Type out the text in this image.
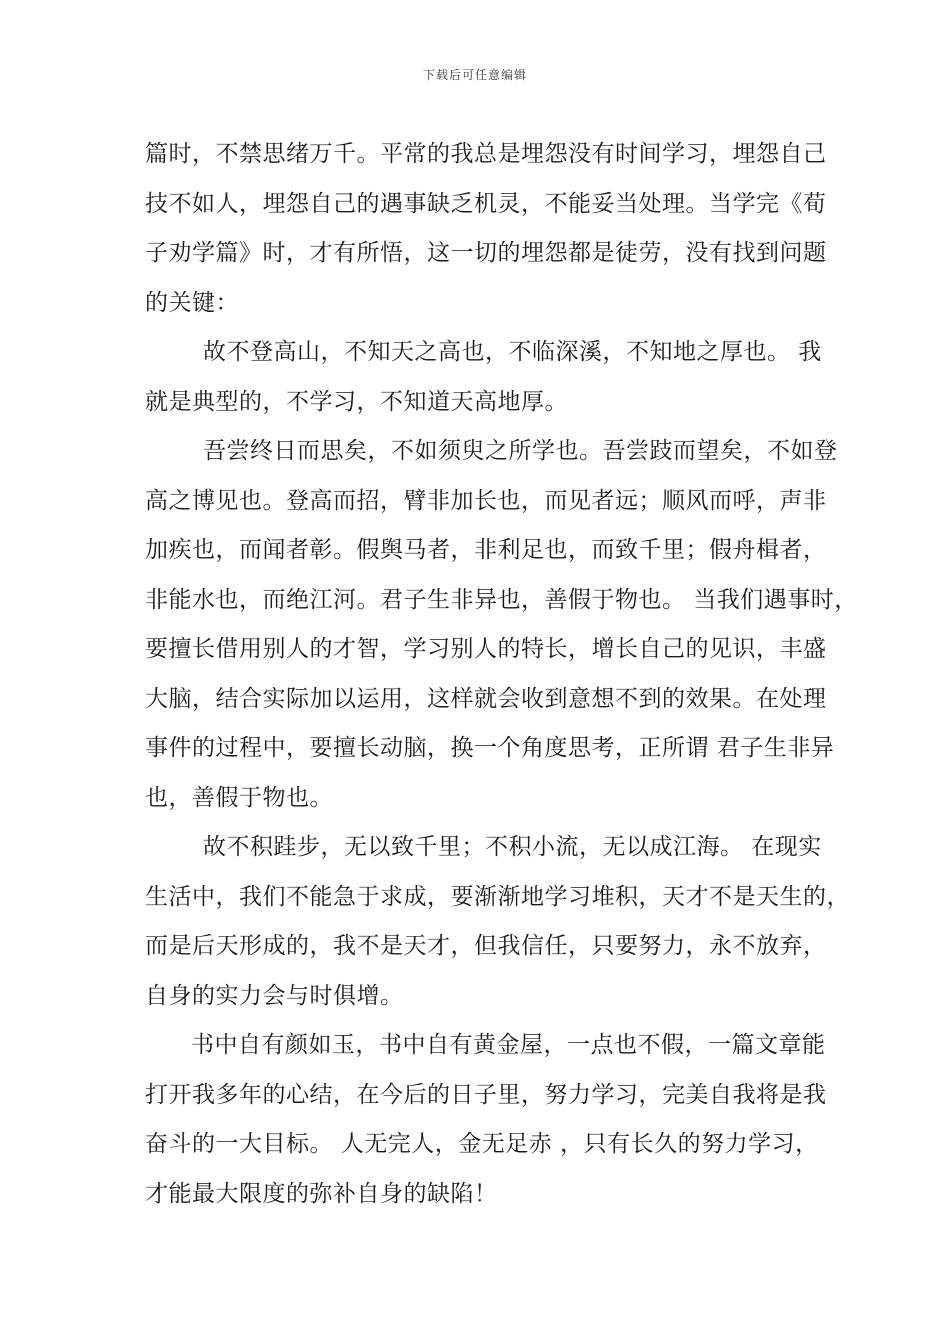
下载后可任意编辑
篇时，不禁思绪万千。平常的我总是埋怨没有时间学习，埋怨自己
技不如人，埋怨自己的遇事缺乏机灵，不能妥当处理。当学完《荀
子劝学篇》时，才有所悟，这一切的埋怨都是徒劳，没有找到问题
的关键：
故不登高山，不知天之高也，不临深溪，不知地之厚也。 我
就是典型的，不学习，不知道天高地厚。
吾尝终日而思矣，不如须臾之所学也。吾尝跂而望矣，不如登
高之博见也。登高而招，臂非加长也，而见者远；顺风而呼，声非
加疾也，而闻者彰。假舆马者，非利足也，而致千里；假舟楫者，
非能水也，而绝江河。君子生非异也，善假于物也。 当我们遇事时，
要擅长借用别人的才智，学习别人的特长，增长自己的见识，丰盛
大脑，结合实际加以运用，这样就会收到意想不到的效果。在处理
事件的过程中，要擅长动脑，换一个角度思考，正所谓 君子生非异
也，善假于物也。
故不积跬步，无以致千里；不积小流，无以成江海。 在现实
生活中，我们不能急于求成，要渐渐地学习堆积，天才不是天生的，
而是后天形成的，我不是天才，但我信任，只要努力，永不放弃，
自身的实力会与时俱增。
书中自有颜如玉，书中自有黄金屋，一点也不假，一篇文章能
打开我多年的心结，在今后的日子里，努力学习，完美自我将是我
奋斗的一大目标。 人无完人，金无足赤 ，只有长久的努力学习，
才能最大限度的弥补自身的缺陷！
